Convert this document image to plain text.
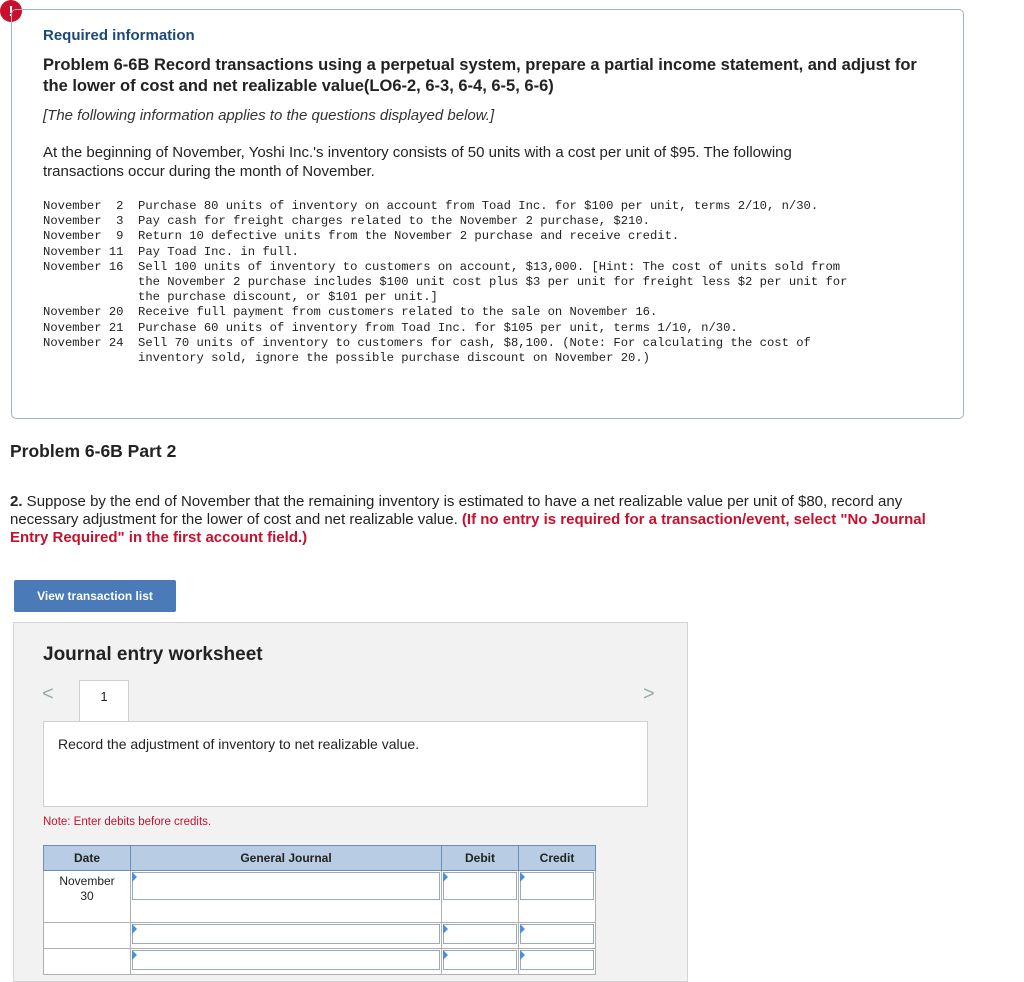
!
Required information
Problem 6-6B Record transactions using a perpetual system, prepare a partial income statement, and adjust for the lower of cost and net realizable value(LO6-2, 6-3, 6-4, 6-5, 6-6)
[The following information applies to the questions displayed below.]
At the beginning of November, Yoshi Inc.'s inventory consists of 50 units with a cost per unit of $95. The following transactions occur during the month of November.
November  2	Purchase 80 units of inventory on account from Toad Inc. for $100 per unit, terms 2/10, n/30.
November  3	Pay cash for freight charges related to the November 2 purchase, $210.
November  9	Return 10 defective units from the November 2 purchase and receive credit.
November 11	Pay Toad Inc. in full.
November 16	Sell 100 units of inventory to customers on account, $13,000. [Hint: The cost of units sold from
the November 2 purchase includes $100 unit cost plus $3 per unit for freight less $2 per unit for
the purchase discount, or $101 per unit.]
November 20	Receive full payment from customers related to the sale on November 16.
November 21	Purchase 60 units of inventory from Toad Inc. for $105 per unit, terms 1/10, n/30.
November 24	Sell 70 units of inventory to customers for cash, $8,100. (Note: For calculating the cost of
inventory sold, ignore the possible purchase discount on November 20.)
Problem 6-6B Part 2
2. Suppose by the end of November that the remaining inventory is estimated to have a net realizable value per unit of $80, record any necessary adjustment for the lower of cost and net realizable value. (If no entry is required for a transaction/event, select "No Journal Entry Required" in the first account field.)
View transaction list
Journal entry worksheet
<	1	>
Record the adjustment of inventory to net realizable value.
Note: Enter debits before credits.
Date	General Journal	Debit	Credit
November
30	
